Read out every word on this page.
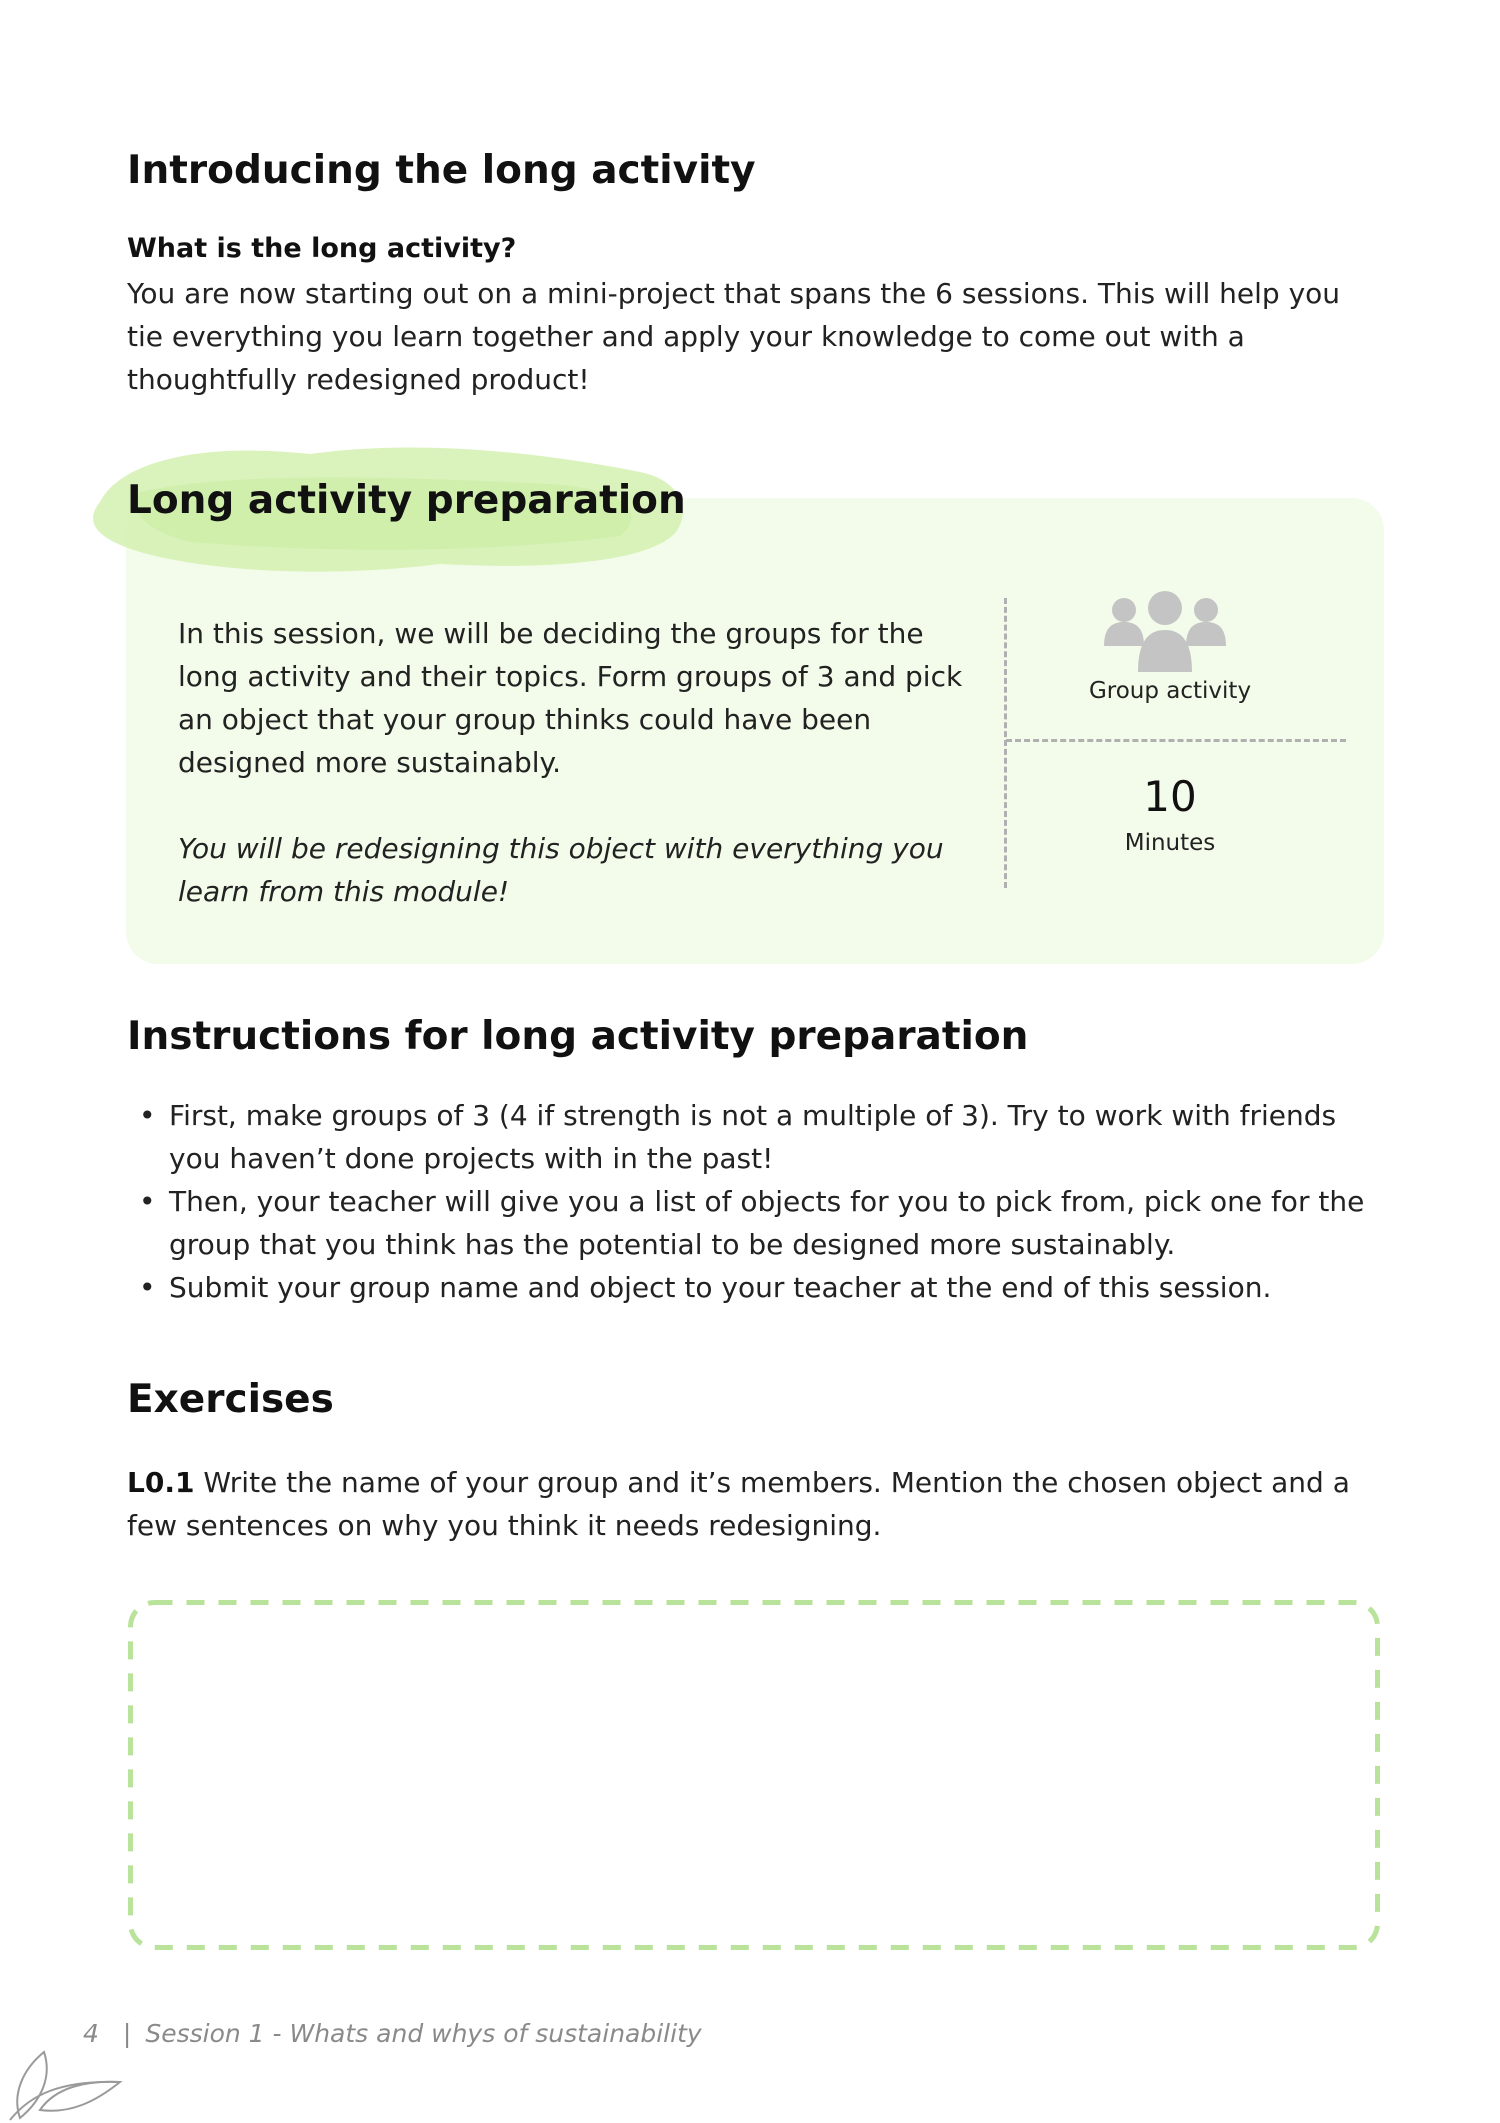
Introducing the long activity

What is the long activity?

You are now starting out on a mini-project that spans the 6 sessions. This will help you tie everything you learn together and apply your knowledge to come out with a thoughtfully redesigned product!

Long activity preparation

In this session, we will be deciding the groups for the long activity and their topics. Form groups of 3 and pick an object that your group thinks could have been designed more sustainably.

You will be redesigning this object with everything you learn from this module!

Group activity
10
Minutes
Instructions for long activity preparation
• First, make groups of 3 (4 if strength is not a multiple of 3). Try to work with friends you haven’t done projects with in the past!
• Then, your teacher will give you a list of objects for you to pick from, pick one for the group that you think has the potential to be designed more sustainably.
• Submit your group name and object to your teacher at the end of this session.
Exercises

L0.1 Write the name of your group and it’s members. Mention the chosen object and a few sentences on why you think it needs redesigning.

4 | Session 1 - Whats and whys of sustainability
